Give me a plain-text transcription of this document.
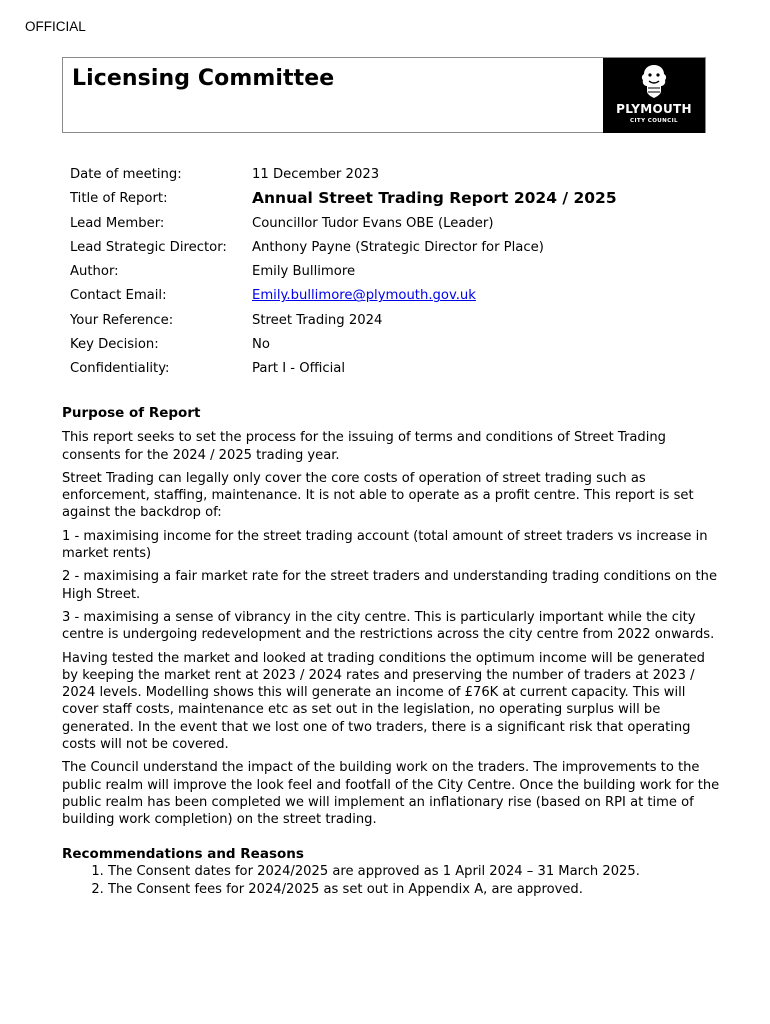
OFFICIAL
Licensing Committee
PLYMOUTH
CITY COUNCIL
Date of meeting:	11 December 2023
Title of Report:	Annual Street Trading Report 2024 / 2025
Lead Member:	Councillor Tudor Evans OBE (Leader)
Lead Strategic Director: Anthony Payne (Strategic Director for Place)
Author:	Emily Bullimore
Contact Email:	Emily.bullimore@plymouth.gov.uk
Your Reference:	Street Trading 2024
Key Decision:	No
Confidentiality:	Part I - Official
Purpose of Report

This report seeks to set the process for the issuing of terms and conditions of Street Trading consents for the 2024 / 2025 trading year.

Street Trading can legally only cover the core costs of operation of street trading such as enforcement, staffing, maintenance. It is not able to operate as a profit centre. This report is set against the backdrop of:

1 - maximising income for the street trading account (total amount of street traders vs increase in market rents)

2 - maximising a fair market rate for the street traders and understanding trading conditions on the High Street.

3 - maximising a sense of vibrancy in the city centre. This is particularly important while the city centre is undergoing redevelopment and the restrictions across the city centre from 2022 onwards.

Having tested the market and looked at trading conditions the optimum income will be generated by keeping the market rent at 2023 / 2024 rates and preserving the number of traders at 2023 / 2024 levels. Modelling shows this will generate an income of £76K at current capacity. This will cover staff costs, maintenance etc as set out in the legislation, no operating surplus will be generated. In the event that we lost one of two traders, there is a significant risk that operating costs will not be covered.

The Council understand the impact of the building work on the traders. The improvements to the public realm will improve the look feel and footfall of the City Centre. Once the building work for the public realm has been completed we will implement an inflationary rise (based on RPI at time of building work completion) on the street trading.

Recommendations and Reasons
1. The Consent dates for 2024/2025 are approved as 1 April 2024 – 31 March 2025.
2. The Consent fees for 2024/2025 as set out in Appendix A, are approved.
